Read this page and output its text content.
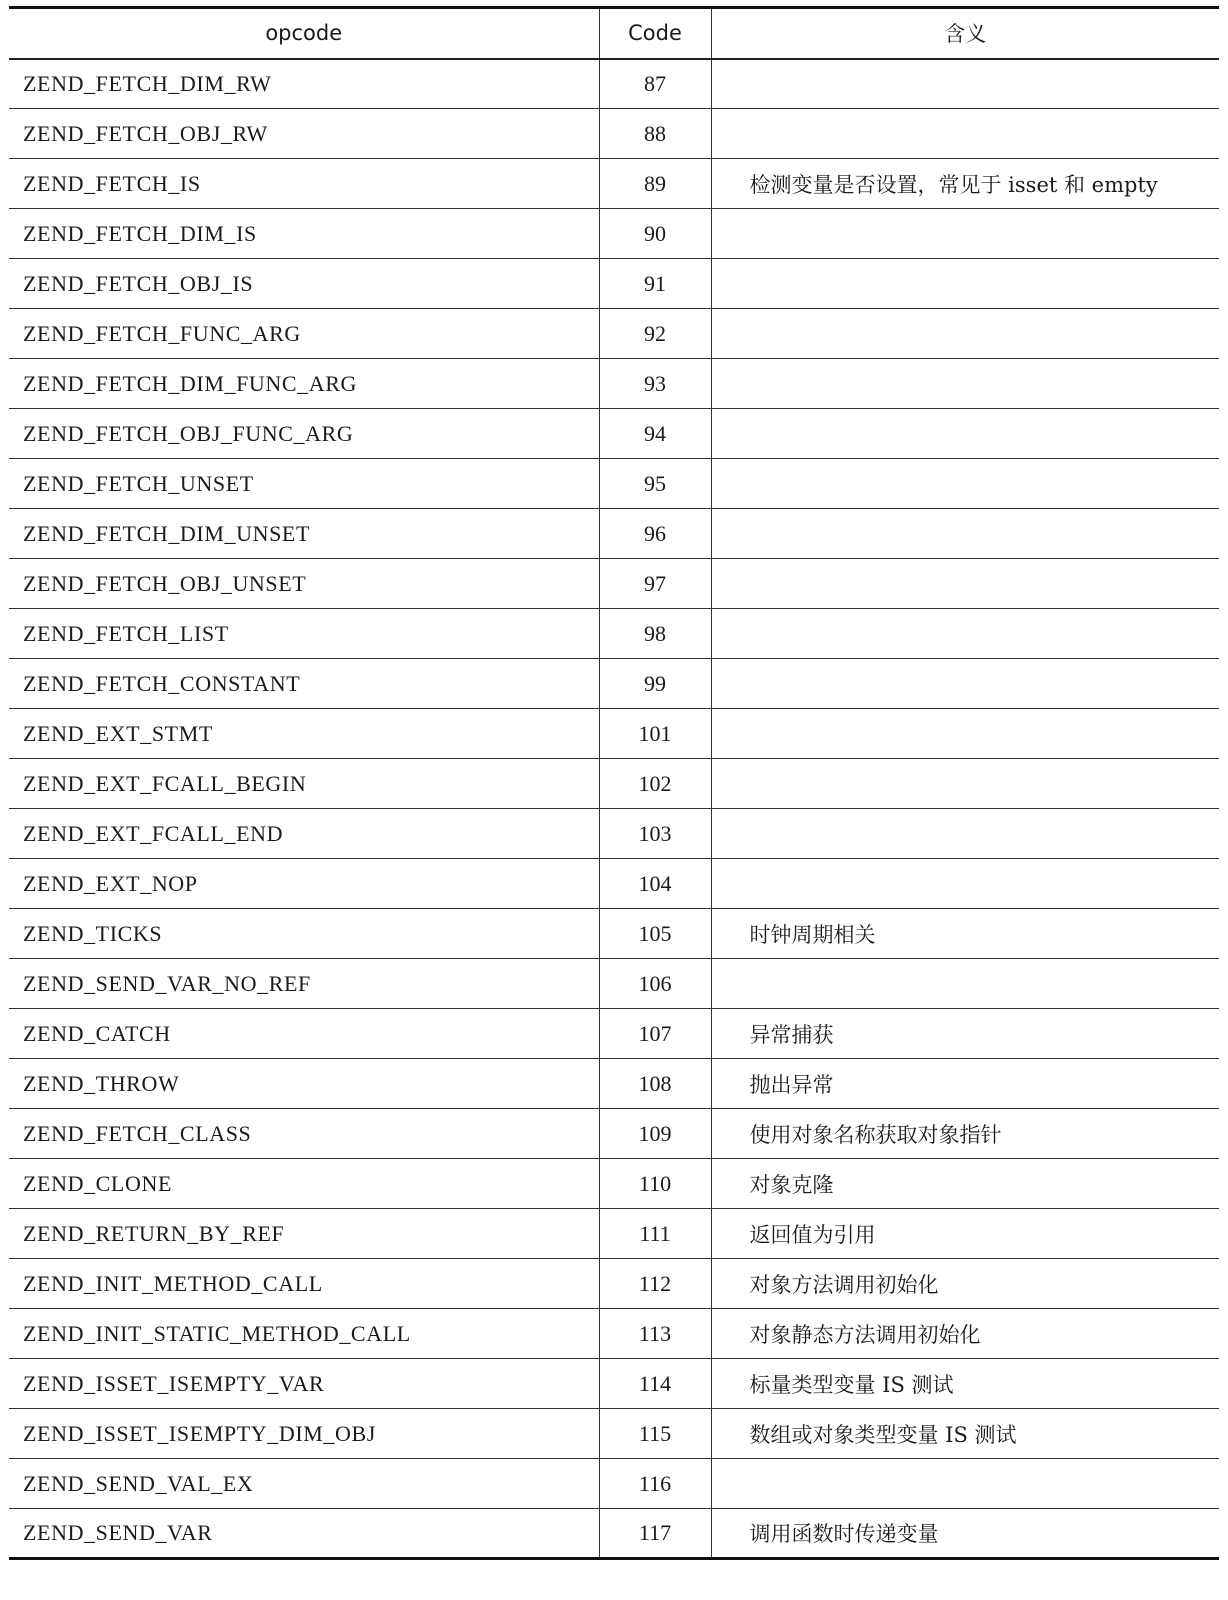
opcode	Code	含义
ZEND_FETCH_DIM_RW	87	
ZEND_FETCH_OBJ_RW	88	
ZEND_FETCH_IS	89	检测变量是否设置，常见于 isset 和 empty
ZEND_FETCH_DIM_IS	90	
ZEND_FETCH_OBJ_IS	91	
ZEND_FETCH_FUNC_ARG	92	
ZEND_FETCH_DIM_FUNC_ARG	93	
ZEND_FETCH_OBJ_FUNC_ARG	94	
ZEND_FETCH_UNSET	95	
ZEND_FETCH_DIM_UNSET	96	
ZEND_FETCH_OBJ_UNSET	97	
ZEND_FETCH_LIST	98	
ZEND_FETCH_CONSTANT	99	
ZEND_EXT_STMT	101	
ZEND_EXT_FCALL_BEGIN	102	
ZEND_EXT_FCALL_END	103	
ZEND_EXT_NOP	104	
ZEND_TICKS	105	时钟周期相关
ZEND_SEND_VAR_NO_REF	106	
ZEND_CATCH	107	异常捕获
ZEND_THROW	108	抛出异常
ZEND_FETCH_CLASS	109	使用对象名称获取对象指针
ZEND_CLONE	110	对象克隆
ZEND_RETURN_BY_REF	111	返回值为引用
ZEND_INIT_METHOD_CALL	112	对象方法调用初始化
ZEND_INIT_STATIC_METHOD_CALL	113	对象静态方法调用初始化
ZEND_ISSET_ISEMPTY_VAR	114	标量类型变量 IS 测试
ZEND_ISSET_ISEMPTY_DIM_OBJ	115	数组或对象类型变量 IS 测试
ZEND_SEND_VAL_EX	116	
ZEND_SEND_VAR	117	调用函数时传递变量
